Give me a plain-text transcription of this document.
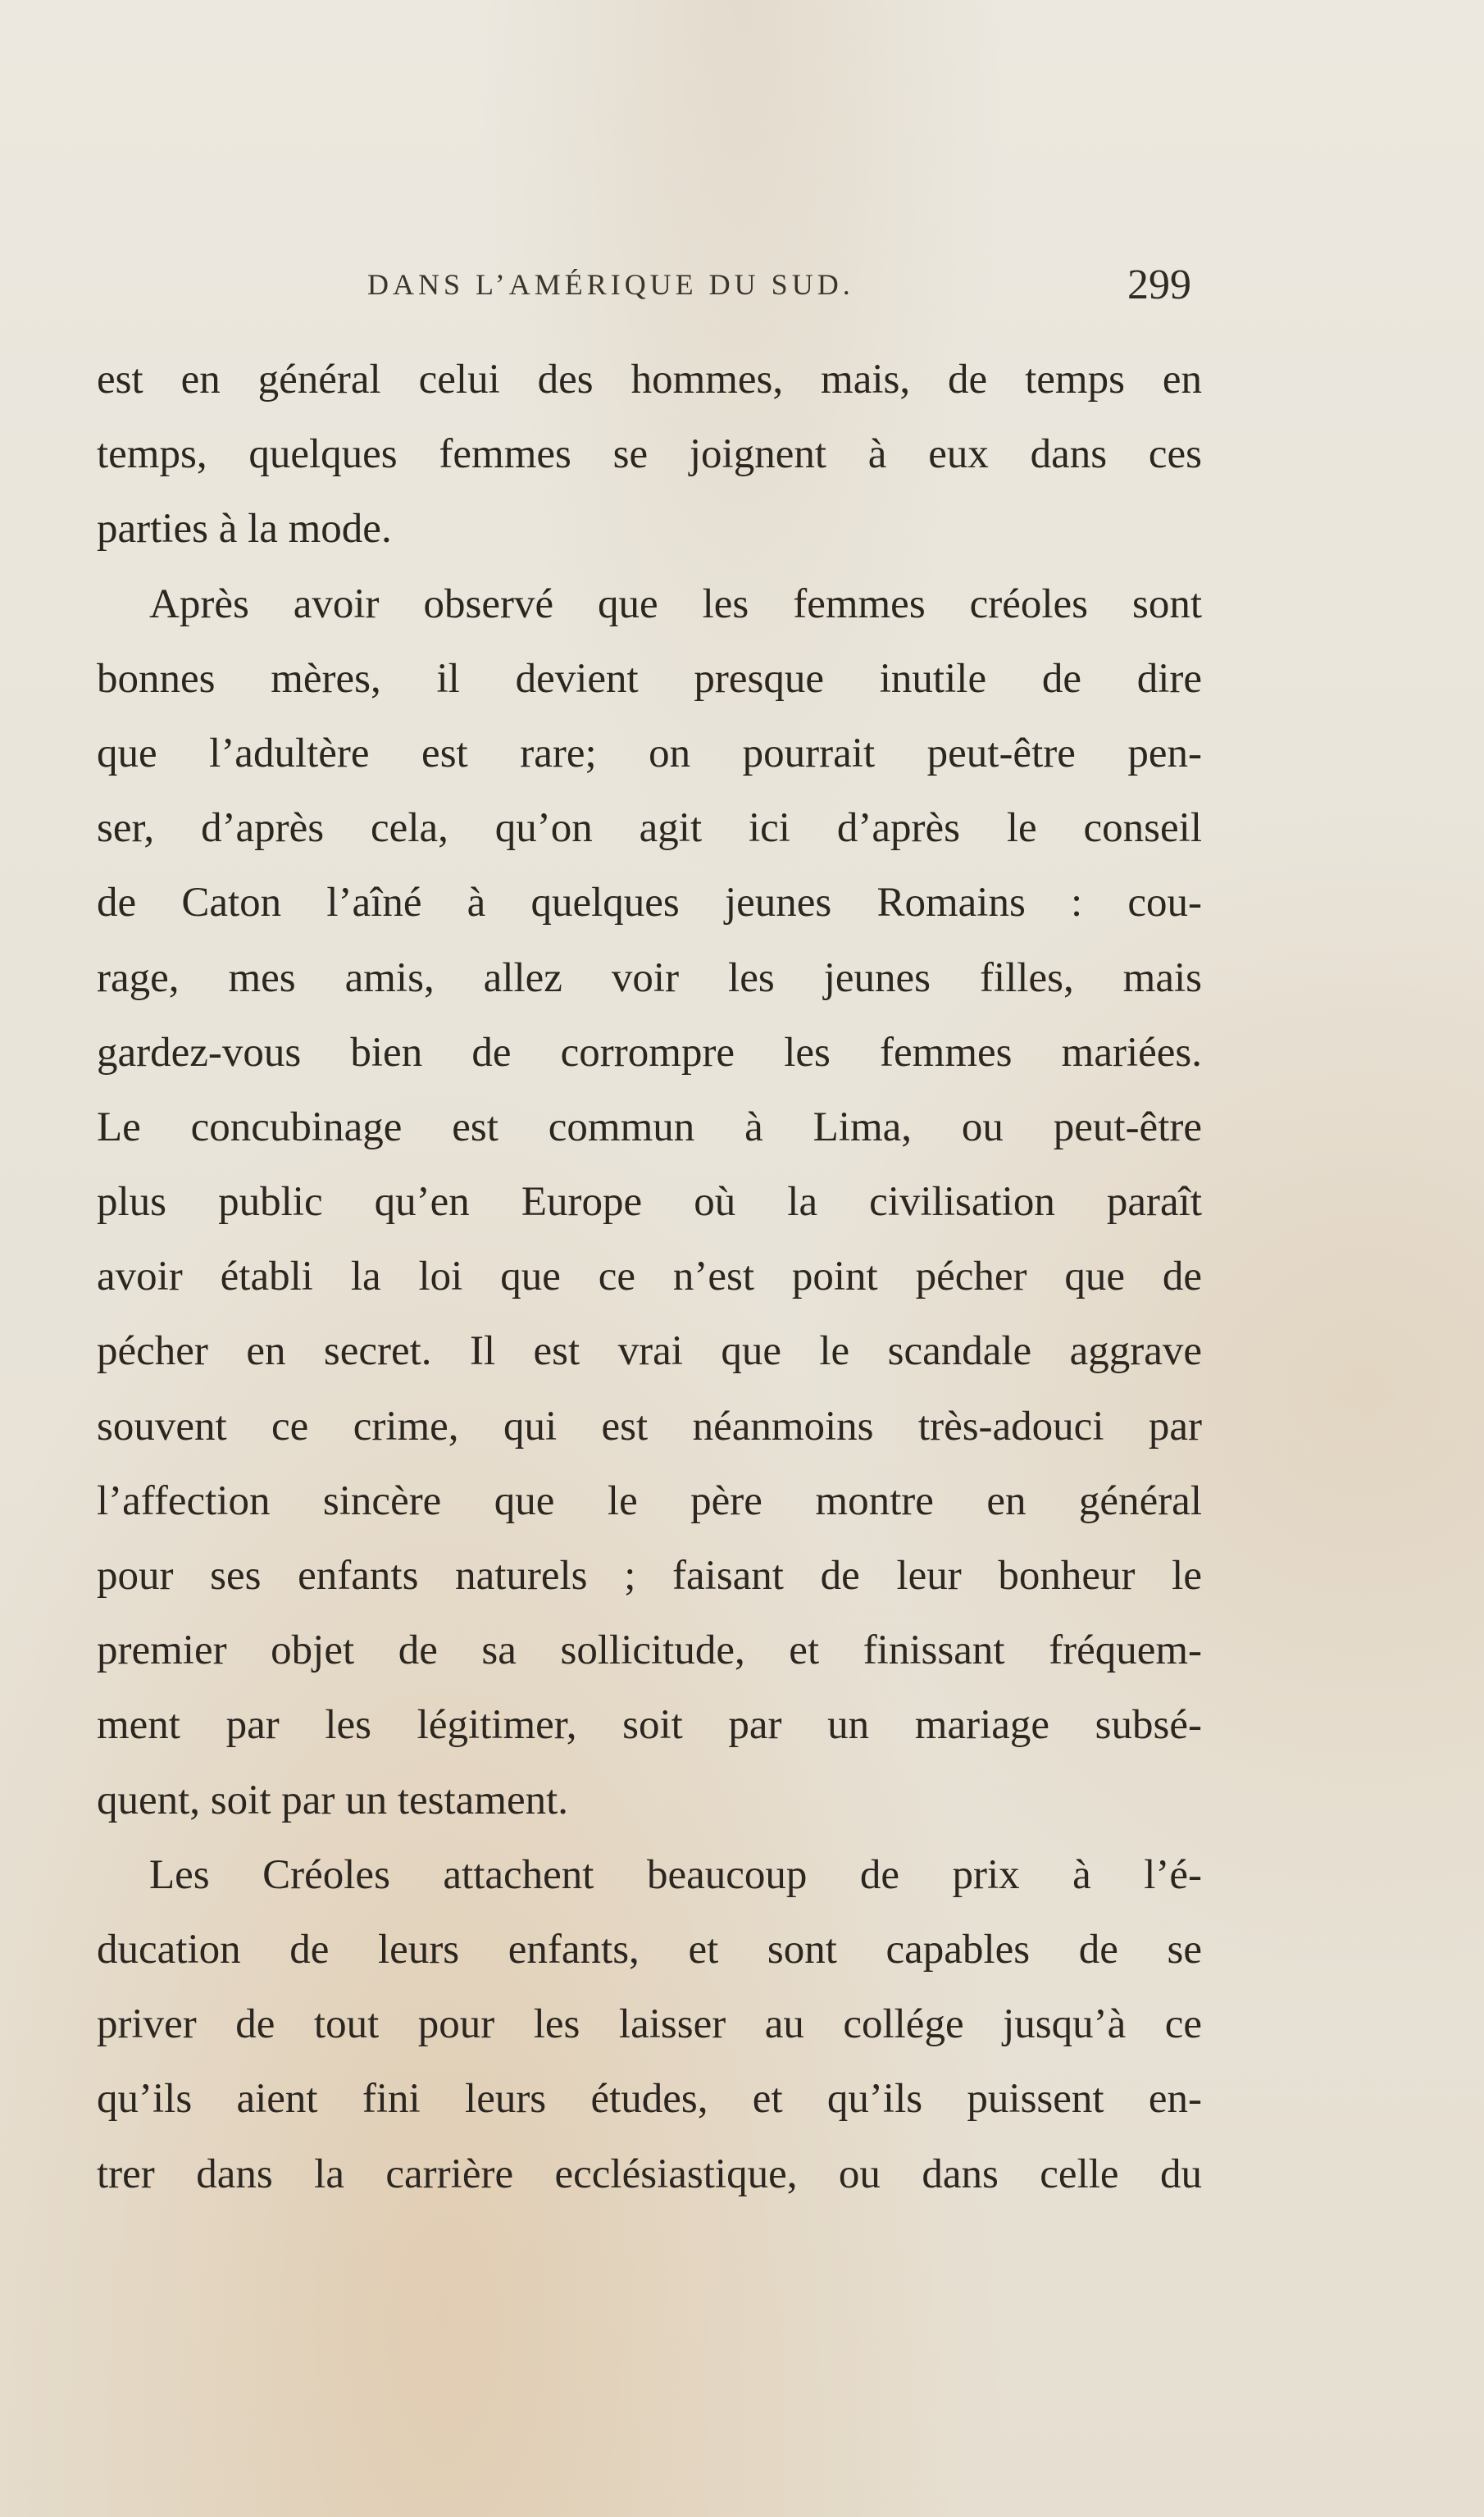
DANS L’AMÉRIQUE DU SUD.	299
est en général celui des hommes, mais, de temps en
temps, quelques femmes se joignent à eux dans ces
parties à la mode.
Après avoir observé que les femmes créoles sont
bonnes mères, il devient presque inutile de dire
que l’adultère est rare; on pourrait peut-être pen-
ser, d’après cela, qu’on agit ici d’après le conseil
de Caton l’aîné à quelques jeunes Romains : cou-
rage, mes amis, allez voir les jeunes filles, mais
gardez-vous bien de corrompre les femmes mariées.
Le concubinage est commun à Lima, ou peut-être
plus public qu’en Europe où la civilisation paraît
avoir établi la loi que ce n’est point pécher que de
pécher en secret. Il est vrai que le scandale aggrave
souvent ce crime, qui est néanmoins très-adouci par
l’affection sincère que le père montre en général
pour ses enfants naturels ; faisant de leur bonheur le
premier objet de sa sollicitude, et finissant fréquem-
ment par les légitimer, soit par un mariage subsé-
quent, soit par un testament.
Les Créoles attachent beaucoup de prix à l’é-
ducation de leurs enfants, et sont capables de se
priver de tout pour les laisser au collége jusqu’à ce
qu’ils aient fini leurs études, et qu’ils puissent en-
trer dans la carrière ecclésiastique, ou dans celle du
